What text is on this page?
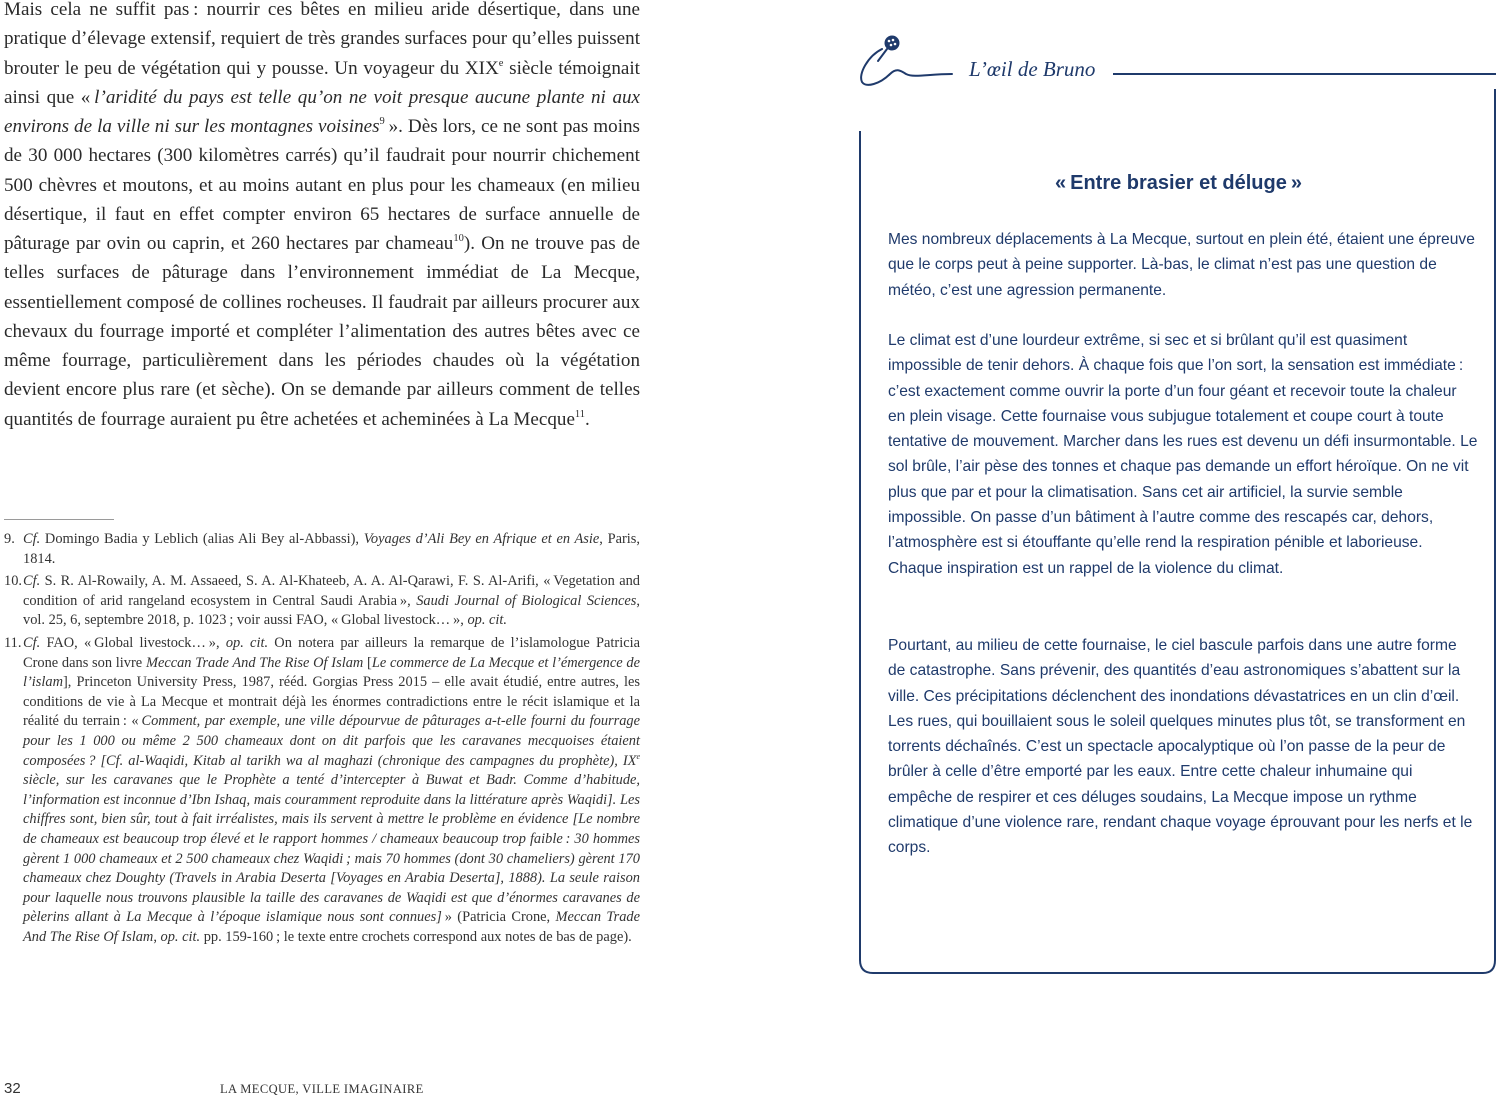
Mais cela ne suffit pas : nourrir ces bêtes en milieu aride désertique, dans une pratique d’élevage extensif, requiert de très grandes surfaces pour qu’elles puissent brouter le peu de végétation qui y pousse. Un voyageur du XIXe siècle témoignait ainsi que « l’aridité du pays est telle qu’on ne voit presque aucune plante ni aux environs de la ville ni sur les montagnes voisines$^9$ ». Dès lors, ce ne sont pas moins de 30 000 hectares (300 kilomètres carrés) qu’il faudrait pour nourrir chichement 500 chèvres et moutons, et au moins autant en plus pour les chameaux (en milieu désertique, il faut en effet compter environ 65 hectares de surface annuelle de pâturage par ovin ou caprin, et 260 hectares par chameau$^{10}$). On ne trouve pas de telles surfaces de pâturage dans l’environnement immédiat de La Mecque, essentiellement composé de collines rocheuses. Il faudrait par ailleurs procurer aux chevaux du fourrage importé et compléter l’alimentation des autres bêtes avec ce même fourrage, particulièrement dans les périodes chaudes où la végétation devient encore plus rare (et sèche). On se demande par ailleurs comment de telles quantités de fourrage auraient pu être achetées et acheminées à La Mecque$^{11}$.

9. Cf. Domingo Badia y Leblich (alias Ali Bey al-Abbassi), Voyages d’Ali Bey en Afrique et en Asie, Paris, 1814.

10. Cf. S. R. Al-Rowaily, A. M. Assaeed, S. A. Al-Khateeb, A. A. Al-Qarawi, F. S. Al-Arifi, « Vegetation and condition of arid rangeland ecosystem in Central Saudi Arabia », Saudi Journal of Biological Sciences, vol. 25, 6, septembre 2018, p. 1023 ; voir aussi FAO, « Global livestock… », op. cit.

11. Cf. FAO, « Global livestock… », op. cit. On notera par ailleurs la remarque de l’islamologue Patricia Crone dans son livre Meccan Trade And The Rise Of Islam [Le commerce de La Mecque et l’émergence de l’islam], Princeton University Press, 1987, rééd. Gorgias Press 2015 – elle avait étudié, entre autres, les conditions de vie à La Mecque et montrait déjà les énormes contradictions entre le récit islamique et la réalité du terrain : « Comment, par exemple, une ville dépourvue de pâturages a-t-elle fourni du fourrage pour les 1 000 ou même 2 500 chameaux dont on dit parfois que les caravanes mecquoises étaient composées ? [Cf. al-Waqidi, Kitab al tarikh wa al maghazi (chronique des campagnes du prophète), IXe siècle, sur les caravanes que le Prophète a tenté d’intercepter à Buwat et Badr. Comme d’habitude, l’information est inconnue d’Ibn Ishaq, mais couramment reproduite dans la littérature après Waqidi]. Les chiffres sont, bien sûr, tout à fait irréalistes, mais ils servent à mettre le problème en évidence [Le nombre de chameaux est beaucoup trop élevé et le rapport hommes / chameaux beaucoup trop faible : 30 hommes gèrent 1 000 chameaux et 2 500 chameaux chez Waqidi ; mais 70 hommes (dont 30 chameliers) gèrent 170 chameaux chez Doughty (Travels in Arabia Deserta [Voyages en Arabia Deserta], 1888). La seule raison pour laquelle nous trouvons plausible la taille des caravanes de Waqidi est que d’énormes caravanes de pèlerins allant à La Mecque à l’époque islamique nous sont connues] » (Patricia Crone, Meccan Trade And The Rise Of Islam, op. cit. pp. 159-160 ; le texte entre crochets correspond aux notes de bas de page).

32	LA MECQUE, VILLE IMAGINAIRE
L’œil de Bruno

« Entre brasier et déluge »

Mes nombreux déplacements à La Mecque, surtout en plein été, étaient une épreuve que le corps peut à peine supporter. Là-bas, le climat n’est pas une question de météo, c’est une agression permanente.

Le climat est d’une lourdeur extrême, si sec et si brûlant qu’il est quasiment impossible de tenir dehors. À chaque fois que l’on sort, la sensation est immédiate : c’est exactement comme ouvrir la porte d’un four géant et recevoir toute la chaleur en plein visage. Cette fournaise vous subjugue totalement et coupe court à toute tentative de mouvement. Marcher dans les rues est devenu un défi insurmontable. Le sol brûle, l’air pèse des tonnes et chaque pas demande un effort héroïque. On ne vit plus que par et pour la climatisation. Sans cet air artificiel, la survie semble impossible. On passe d’un bâtiment à l’autre comme des rescapés car, dehors, l’atmosphère est si étouffante qu’elle rend la respiration pénible et laborieuse. Chaque inspiration est un rappel de la violence du climat.

Pourtant, au milieu de cette fournaise, le ciel bascule parfois dans une autre forme de catastrophe. Sans prévenir, des quantités d’eau astronomiques s’abattent sur la ville. Ces précipitations déclenchent des inondations dévastatrices en un clin d’œil. Les rues, qui bouillaient sous le soleil quelques minutes plus tôt, se transforment en torrents déchaînés. C’est un spectacle apocalyptique où l’on passe de la peur de brûler à celle d’être emporté par les eaux. Entre cette chaleur inhumaine qui empêche de respirer et ces déluges soudains, La Mecque impose un rythme climatique d’une violence rare, rendant chaque voyage éprouvant pour les nerfs et le corps.
